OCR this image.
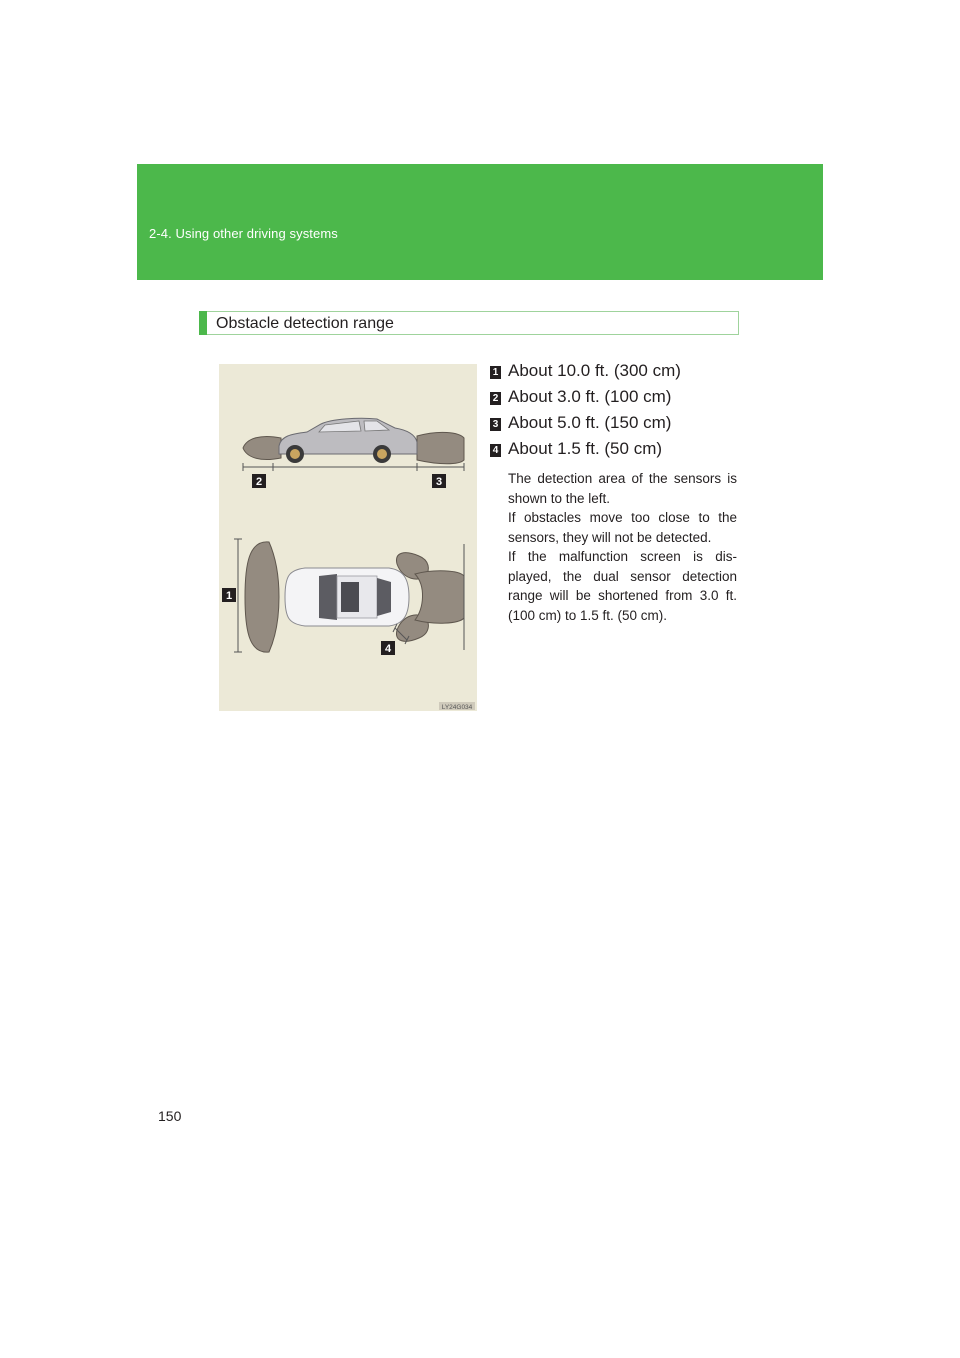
2-4. Using other driving systems
Obstacle detection range
2	3
1
4
LY24G034
1 About 10.0 ft. (300 cm)
2 About 3.0 ft. (100 cm)
3 About 5.0 ft. (150 cm)
4 About 1.5 ft. (50 cm)

The detection area of the sensors is shown to the left.

If obstacles move too close to the sensors, they will not be detected.

If the malfunction screen is dis-played, the dual sensor detection range will be shortened from 3.0 ft. (100 cm) to 1.5 ft. (50 cm).

150
